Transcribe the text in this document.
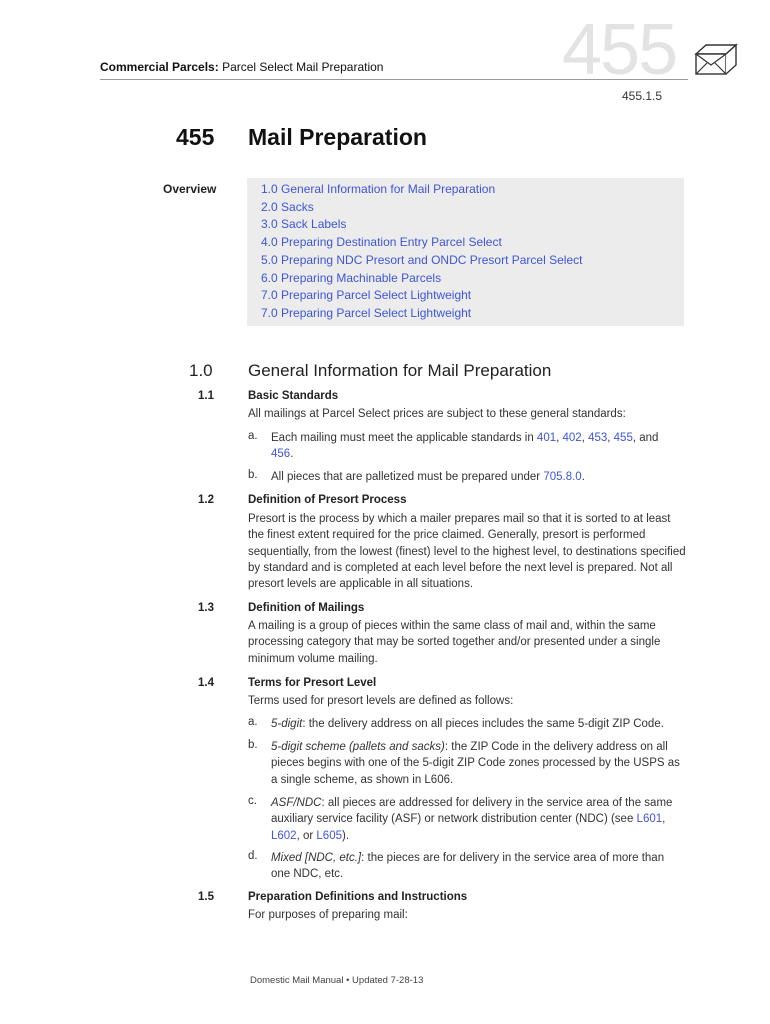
Commercial Parcels: Parcel Select Mail Preparation 455
455.1.5
455 Mail Preparation
Overview	1.0 General Information for Mail Preparation
2.0 Sacks
3.0 Sack Labels
4.0 Preparing Destination Entry Parcel Select
5.0 Preparing NDC Presort and ONDC Presort Parcel Select
6.0 Preparing Machinable Parcels
7.0 Preparing Parcel Select Lightweight
7.0 Preparing Parcel Select Lightweight
1.0 General Information for Mail Preparation
1.1	Basic Standards
All mailings at Parcel Select prices are subject to these general standards:
a. Each mailing must meet the applicable standards in 401, 402, 453, 455, and 456.
b. All pieces that are palletized must be prepared under 705.8.0.
1.2	Definition of Presort Process
Presort is the process by which a mailer prepares mail so that it is sorted to at least the finest extent required for the price claimed. Generally, presort is performed sequentially, from the lowest (finest) level to the highest level, to destinations specified by standard and is completed at each level before the next level is prepared. Not all presort levels are applicable in all situations.
1.3	Definition of Mailings
A mailing is a group of pieces within the same class of mail and, within the same processing category that may be sorted together and/or presented under a single minimum volume mailing.
1.4	Terms for Presort Level
Terms used for presort levels are defined as follows:
a. 5-digit: the delivery address on all pieces includes the same 5-digit ZIP Code.
b. 5-digit scheme (pallets and sacks): the ZIP Code in the delivery address on all pieces begins with one of the 5-digit ZIP Code zones processed by the USPS as a single scheme, as shown in L606.
c. ASF/NDC: all pieces are addressed for delivery in the service area of the same auxiliary service facility (ASF) or network distribution center (NDC) (see L601, L602, or L605).
d. Mixed [NDC, etc.]: the pieces are for delivery in the service area of more than one NDC, etc.
1.5	Preparation Definitions and Instructions
For purposes of preparing mail:
Domestic Mail Manual • Updated 7-28-13
